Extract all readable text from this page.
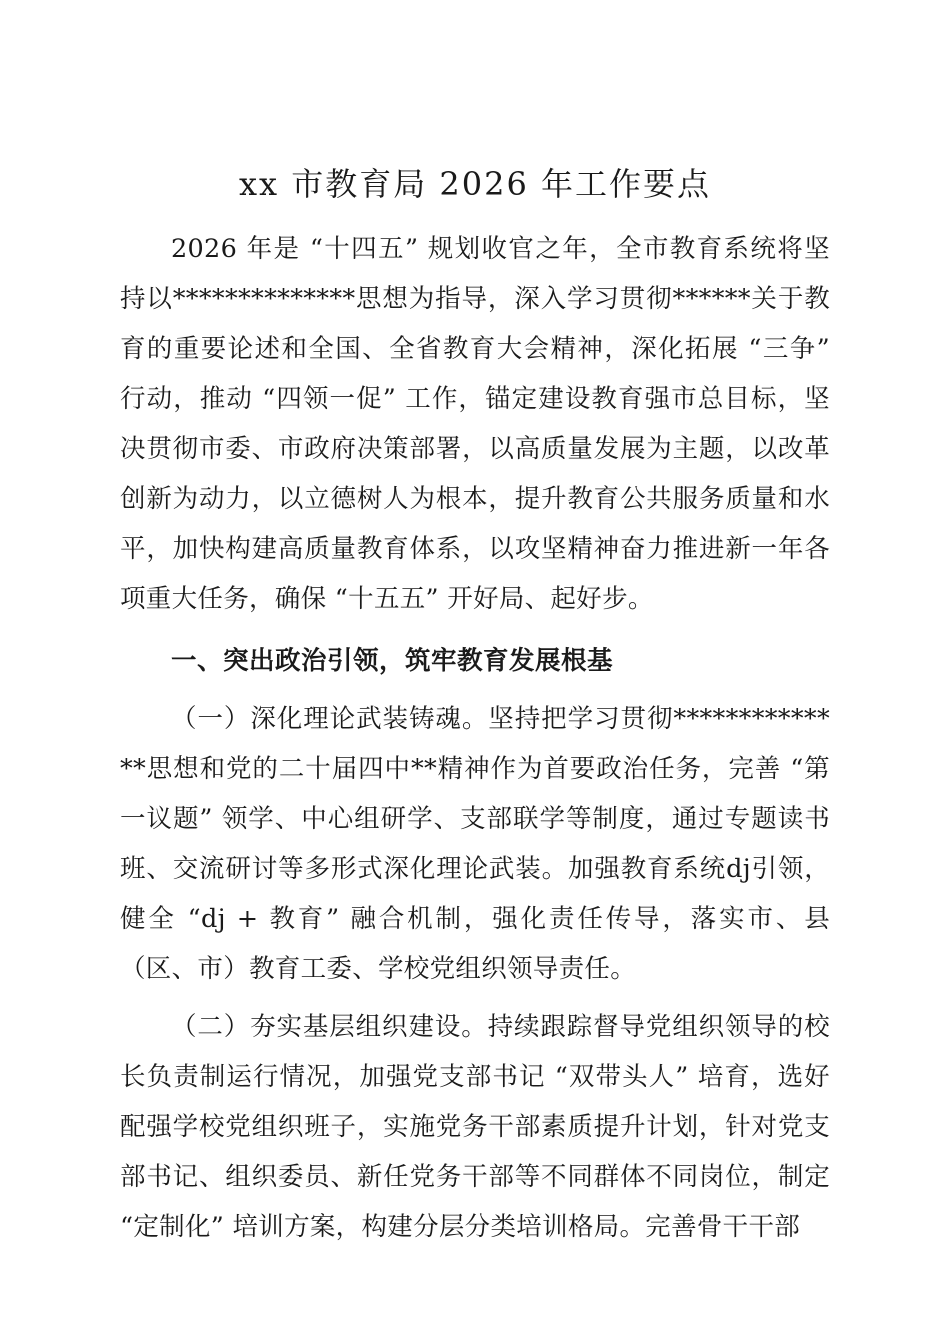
xx 市教育局 2026 年工作要点

2026 年是 “十四五” 规划收官之年，全市教育系统将坚持以**************思想为指导，深入学习贯彻******关于教育的重要论述和全国、全省教育大会精神，深化拓展 “三争” 行动，推动 “四领一促” 工作，锚定建设教育强市总目标，坚决贯彻市委、市政府决策部署，以高质量发展为主题，以改革创新为动力，以立德树人为根本，提升教育公共服务质量和水平，加快构建高质量教育体系，以攻坚精神奋力推进新一年各项重大任务，确保 “十五五” 开好局、起好步。

一、突出政治引领，筑牢教育发展根基

（一）深化理论武装铸魂。坚持把学习贯彻**************思想和党的二十届四中**精神作为首要政治任务，完善 “第一议题” 领学、中心组研学、支部联学等制度，通过专题读书班、交流研讨等多形式深化理论武装。加强教育系统dj引领，健全 “dj + 教育” 融合机制，强化责任传导，落实市、县（区、市）教育工委、学校党组织领导责任。

（二）夯实基层组织建设。持续跟踪督导党组织领导的校长负责制运行情况，加强党支部书记 “双带头人” 培育，选好配强学校党组织班子，实施党务干部素质提升计划，针对党支部书记、组织委员、新任党务干部等不同群体不同岗位，制定 “定制化” 培训方案，构建分层分类培训格局。完善骨干干部
